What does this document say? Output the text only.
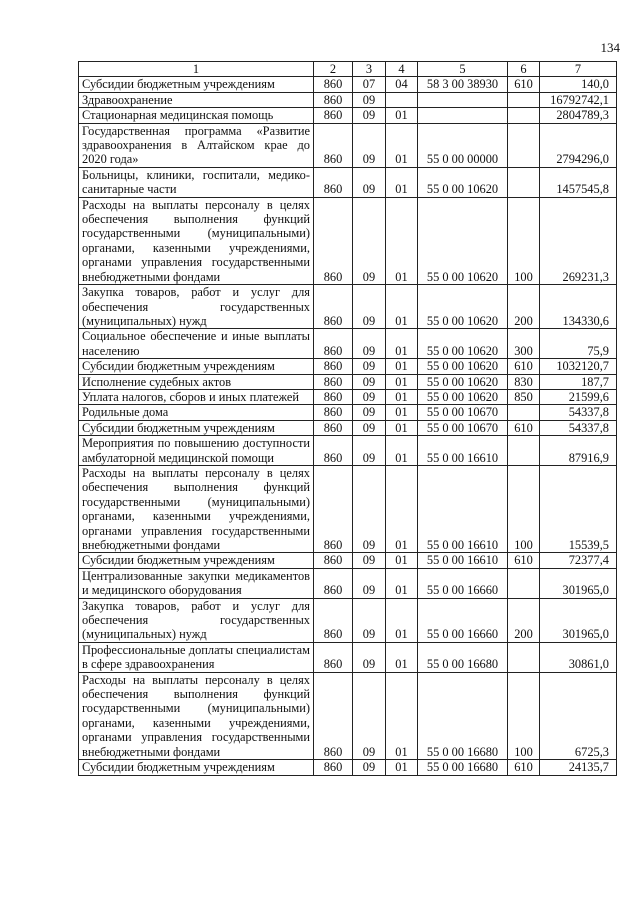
134
1	2	3	4	5	6	7
Субсидии бюджетным учреждениям	860	07	04	58 3 00 38930	610	140,0
Здравоохранение	860	09				16792742,1
Стационарная медицинская помощь	860	09	01			2804789,3
Государственная программа «Развитие здравоохранения в Алтайском крае до 2020 года»	860	09	01	55 0 00 00000		2794296,0
Больницы, клиники, госпитали, медико-санитарные части	860	09	01	55 0 00 10620		1457545,8
Расходы на выплаты персоналу в целях обеспечения выполнения функций государственными (муниципальными) органами, казенными учреждениями, органами управления государственными внебюджетными фондами	860	09	01	55 0 00 10620	100	269231,3
Закупка товаров, работ и услуг для обеспечения государственных (муниципальных) нужд	860	09	01	55 0 00 10620	200	134330,6
Социальное обеспечение и иные выплаты населению	860	09	01	55 0 00 10620	300	75,9
Субсидии бюджетным учреждениям	860	09	01	55 0 00 10620	610	1032120,7
Исполнение судебных актов	860	09	01	55 0 00 10620	830	187,7
Уплата налогов, сборов и иных платежей	860	09	01	55 0 00 10620	850	21599,6
Родильные дома	860	09	01	55 0 00 10670		54337,8
Субсидии бюджетным учреждениям	860	09	01	55 0 00 10670	610	54337,8
Мероприятия по повышению доступности амбулаторной медицинской помощи	860	09	01	55 0 00 16610		87916,9
Расходы на выплаты персоналу в целях обеспечения выполнения функций государственными (муниципальными) органами, казенными учреждениями, органами управления государственными внебюджетными фондами	860	09	01	55 0 00 16610	100	15539,5
Субсидии бюджетным учреждениям	860	09	01	55 0 00 16610	610	72377,4
Централизованные закупки медикаментов и медицинского оборудования	860	09	01	55 0 00 16660		301965,0
Закупка товаров, работ и услуг для обеспечения государственных (муниципальных) нужд	860	09	01	55 0 00 16660	200	301965,0
Профессиональные доплаты специалистам в сфере здравоохранения	860	09	01	55 0 00 16680		30861,0
Расходы на выплаты персоналу в целях обеспечения выполнения функций государственными (муниципальными) органами, казенными учреждениями, органами управления государственными внебюджетными фондами	860	09	01	55 0 00 16680	100	6725,3
Субсидии бюджетным учреждениям	860	09	01	55 0 00 16680	610	24135,7
